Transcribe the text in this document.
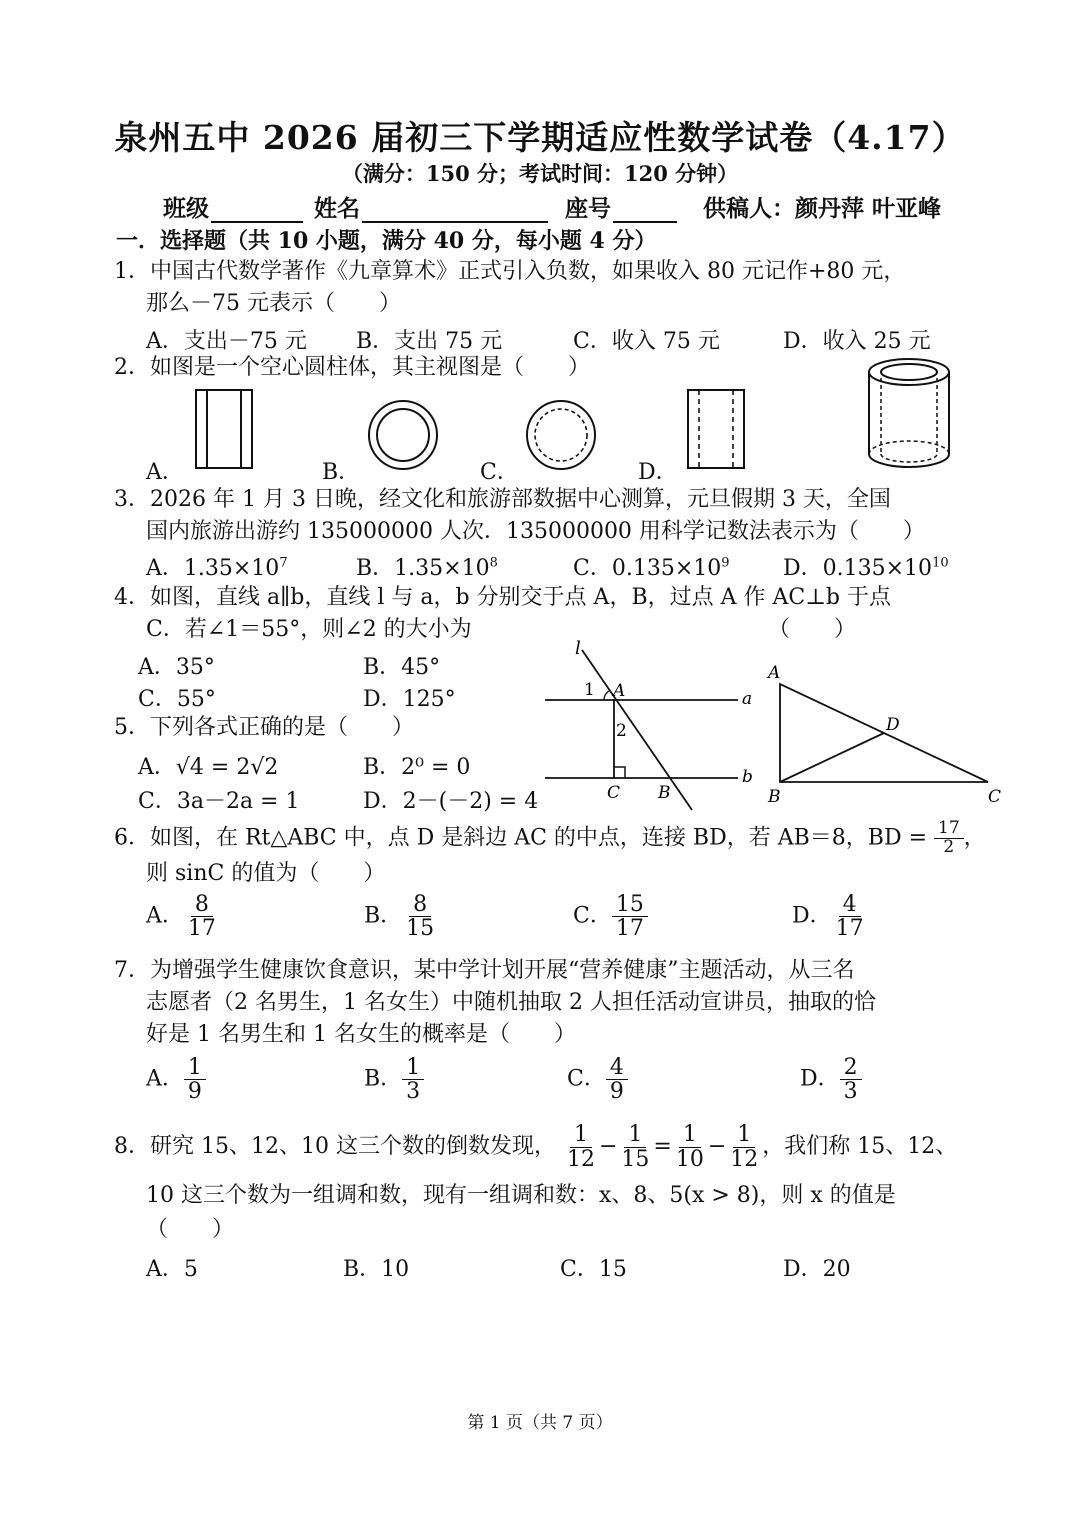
泉州五中 2026 届初三下学期适应性数学试卷（4.17）
（满分：150 分；考试时间：120 分钟）
班级	姓名	座号	供稿人：颜丹萍 叶亚峰
一．选择题（共 10 小题，满分 40 分，每小题 4 分）
1．中国古代数学著作《九章算术》正式引入负数，如果收入 80 元记作+80 元，
那么－75 元表示（　　）
A．支出－75 元 B．支出 75 元	C．收入 75 元	D．收入 25 元
2．如图是一个空心圆柱体，其主视图是（　　）
A．	B．	C．	D．
3．2026 年 1 月 3 日晚，经文化和旅游部数据中心测算，元旦假期 3 天，全国
国内旅游出游约 135000000 人次．135000000 用科学记数法表示为（　　）
A．$1.35\times 10^7$	B．$1.35\times 10^8$	C．$0.135\times 10^9$ D．$0.135\times 10^{10}$
4．如图，直线 a∥b，直线 l 与 a，b 分别交于点 A，B，过点 A 作 AC⊥b 于点
C．若∠1＝55°，则∠2 的大小为	（　　）
A．35°	B．45°
C．55°	D．125°
5．下列各式正确的是（　　）
A．√4 = 2√2	B．2⁰ = 0
C．3a－2a = 1	D．2－(－2) = 4
l
1 A
2
a
b
C B
A
D
B	C
6．如图，在 Rt△ABC 中，点 D 是斜边 AC 的中点，连接 BD，若 AB＝8，BD = $\frac{17}{2}$ ，
则 sinC 的值为（　　）
A． $\frac{8}{17}$	B． $\frac{8}{15}$	C． $\frac{15}{17}$	D． $\frac{4}{17}$
7．为增强学生健康饮食意识，某中学计划开展“营养健康”主题活动，从三名
志愿者（2 名男生，1 名女生）中随机抽取 2 人担任活动宣讲员，抽取的恰
好是 1 名男生和 1 名女生的概率是（　　）
A． $\frac{1}{9}$	B． $\frac{1}{3}$	C． $\frac{4}{9}$	D． $\frac{2}{3}$
8．研究 15、12、10 这三个数的倒数发现， $\frac{1}{12} - \frac{1}{15} = \frac{1}{10} - \frac{1}{12}$ ，我们称 15、12、
10 这三个数为一组调和数，现有一组调和数：x、8、5(x > 8)，则 x 的值是
（　　）
A．5	B．10	C．15	D．20
第 1 页（共 7 页）
